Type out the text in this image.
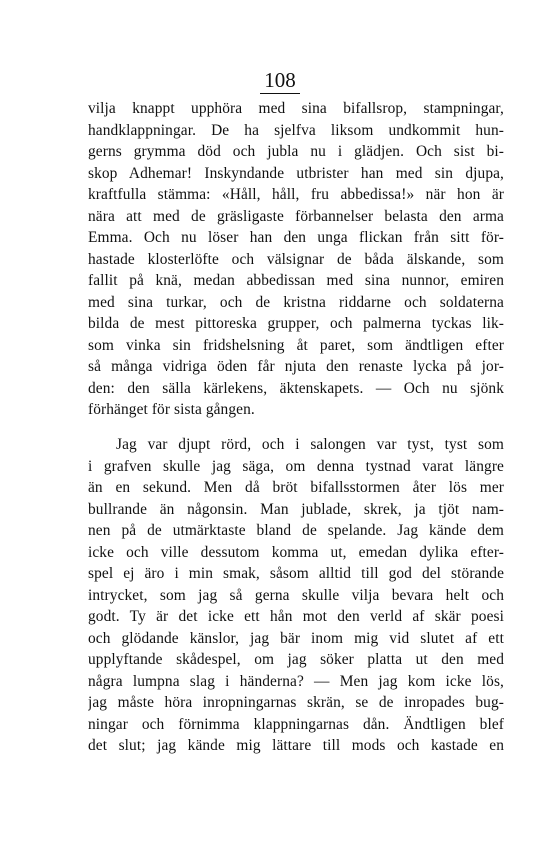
108
vilja knappt upphöra med sina bifallsrop, stampningar,
handklappningar. De ha sjelfva liksom undkommit hun-
gerns grymma död och jubla nu i glädjen. Och sist bi-
skop Adhemar! Inskyndande utbrister han med sin djupa,
kraftfulla stämma: «Håll, håll, fru abbedissa!» när hon är
nära att med de gräsligaste förbannelser belasta den arma
Emma. Och nu löser han den unga flickan från sitt för-
hastade klosterlöfte och välsignar de båda älskande, som
fallit på knä, medan abbedissan med sina nunnor, emiren
med sina turkar, och de kristna riddarne och soldaterna
bilda de mest pittoreska grupper, och palmerna tyckas lik-
som vinka sin fridshelsning åt paret, som ändtligen efter
så många vidriga öden får njuta den renaste lycka på jor-
den: den sälla kärlekens, äktenskapets. — Och nu sjönk
förhänget för sista gången.
Jag var djupt rörd, och i salongen var tyst, tyst som
i grafven skulle jag säga, om denna tystnad varat längre
än en sekund. Men då bröt bifallsstormen åter lös mer
bullrande än någonsin. Man jublade, skrek, ja tjöt nam-
nen på de utmärktaste bland de spelande. Jag kände dem
icke och ville dessutom komma ut, emedan dylika efter-
spel ej äro i min smak, såsom alltid till god del störande
intrycket, som jag så gerna skulle vilja bevara helt och
godt. Ty är det icke ett hån mot den verld af skär poesi
och glödande känslor, jag bär inom mig vid slutet af ett
upplyftande skådespel, om jag söker platta ut den med
några lumpna slag i händerna? — Men jag kom icke lös,
jag måste höra inropningarnas skrän, se de inropades bug-
ningar och förnimma klappningarnas dån. Ändtligen blef
det slut; jag kände mig lättare till mods och kastade en
